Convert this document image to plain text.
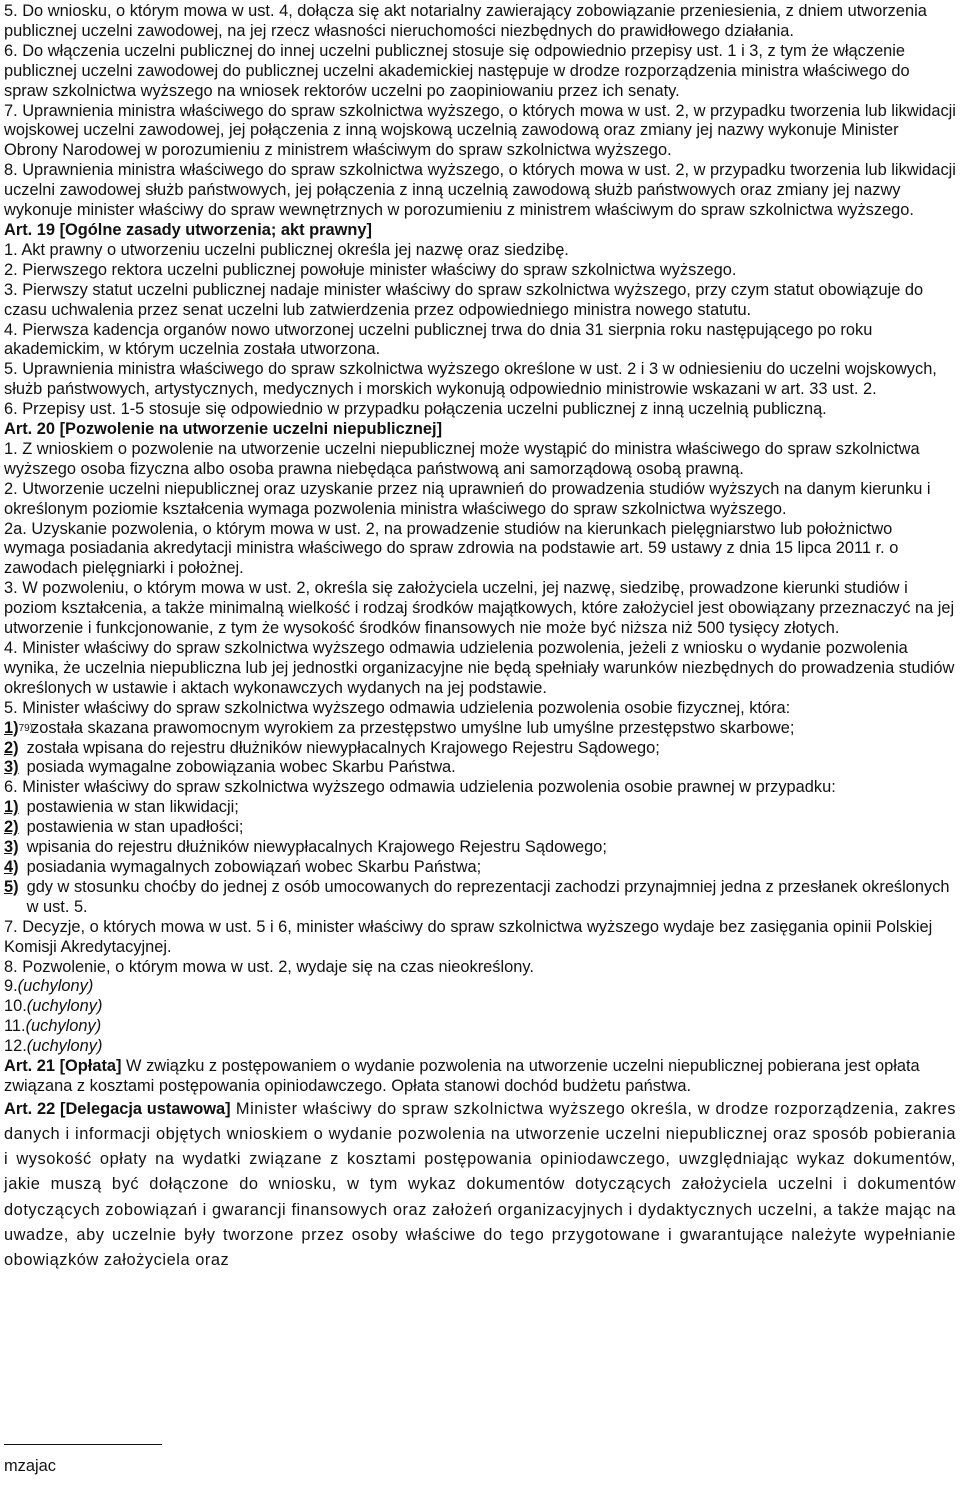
5. Do wniosku, o którym mowa w ust. 4, dołącza się akt notarialny zawierający zobowiązanie przeniesienia, z dniem utworzenia publicznej uczelni zawodowej, na jej rzecz własności nieruchomości niezbędnych do prawidłowego działania.

6. Do włączenia uczelni publicznej do innej uczelni publicznej stosuje się odpowiednio przepisy ust. 1 i 3, z tym że włączenie publicznej uczelni zawodowej do publicznej uczelni akademickiej następuje w drodze rozporządzenia ministra właściwego do spraw szkolnictwa wyższego na wniosek rektorów uczelni po zaopiniowaniu przez ich senaty.

7. Uprawnienia ministra właściwego do spraw szkolnictwa wyższego, o których mowa w ust. 2, w przypadku tworzenia lub likwidacji wojskowej uczelni zawodowej, jej połączenia z inną wojskową uczelnią zawodową oraz zmiany jej nazwy wykonuje Minister Obrony Narodowej w porozumieniu z ministrem właściwym do spraw szkolnictwa wyższego.

8. Uprawnienia ministra właściwego do spraw szkolnictwa wyższego, o których mowa w ust. 2, w przypadku tworzenia lub likwidacji uczelni zawodowej służb państwowych, jej połączenia z inną uczelnią zawodową służb państwowych oraz zmiany jej nazwy wykonuje minister właściwy do spraw wewnętrznych w porozumieniu z ministrem właściwym do spraw szkolnictwa wyższego.

Art. 19 [Ogólne zasady utworzenia; akt prawny]

1. Akt prawny o utworzeniu uczelni publicznej określa jej nazwę oraz siedzibę.

2. Pierwszego rektora uczelni publicznej powołuje minister właściwy do spraw szkolnictwa wyższego.

3. Pierwszy statut uczelni publicznej nadaje minister właściwy do spraw szkolnictwa wyższego, przy czym statut obowiązuje do czasu uchwalenia przez senat uczelni lub zatwierdzenia przez odpowiedniego ministra nowego statutu.

4. Pierwsza kadencja organów nowo utworzonej uczelni publicznej trwa do dnia 31 sierpnia roku następującego po roku akademickim, w którym uczelnia została utworzona.

5. Uprawnienia ministra właściwego do spraw szkolnictwa wyższego określone w ust. 2 i 3 w odniesieniu do uczelni wojskowych, służb państwowych, artystycznych, medycznych i morskich wykonują odpowiednio ministrowie wskazani w art. 33 ust. 2.

6. Przepisy ust. 1-5 stosuje się odpowiednio w przypadku połączenia uczelni publicznej z inną uczelnią publiczną.

Art. 20 [Pozwolenie na utworzenie uczelni niepublicznej]

1. Z wnioskiem o pozwolenie na utworzenie uczelni niepublicznej może wystąpić do ministra właściwego do spraw szkolnictwa wyższego osoba fizyczna albo osoba prawna niebędąca państwową ani samorządową osobą prawną.

2. Utworzenie uczelni niepublicznej oraz uzyskanie przez nią uprawnień do prowadzenia studiów wyższych na danym kierunku i określonym poziomie kształcenia wymaga pozwolenia ministra właściwego do spraw szkolnictwa wyższego.

2a. Uzyskanie pozwolenia, o którym mowa w ust. 2, na prowadzenie studiów na kierunkach pielęgniarstwo lub położnictwo wymaga posiadania akredytacji ministra właściwego do spraw zdrowia na podstawie art. 59 ustawy z dnia 15 lipca 2011 r. o zawodach pielęgniarki i położnej.

3. W pozwoleniu, o którym mowa w ust. 2, określa się założyciela uczelni, jej nazwę, siedzibę, prowadzone kierunki studiów i poziom kształcenia, a także minimalną wielkość i rodzaj środków majątkowych, które założyciel jest obowiązany przeznaczyć na jej utworzenie i funkcjonowanie, z tym że wysokość środków finansowych nie może być niższa niż 500 tysięcy złotych.

4. Minister właściwy do spraw szkolnictwa wyższego odmawia udzielenia pozwolenia, jeżeli z wniosku o wydanie pozwolenia wynika, że uczelnia niepubliczna lub jej jednostki organizacyjne nie będą spełniały warunków niezbędnych do prowadzenia studiów określonych w ustawie i aktach wykonawczych wydanych na jej podstawie.

5. Minister właściwy do spraw szkolnictwa wyższego odmawia udzielenia pozwolenia osobie fizycznej, która:

1) 79)
została skazana prawomocnym wyrokiem za przestępstwo umyślne lub umyślne przestępstwo skarbowe;
2) została wpisana do rejestru dłużników niewypłacalnych Krajowego Rejestru Sądowego;
3) posiada wymagalne zobowiązania wobec Skarbu Państwa.

6. Minister właściwy do spraw szkolnictwa wyższego odmawia udzielenia pozwolenia osobie prawnej w przypadku:

1) postawienia w stan likwidacji;
2) postawienia w stan upadłości;
3) wpisania do rejestru dłużników niewypłacalnych Krajowego Rejestru Sądowego;
4) posiadania wymagalnych zobowiązań wobec Skarbu Państwa;
5) gdy w stosunku choćby do jednej z osób umocowanych do reprezentacji zachodzi przynajmniej jedna z przesłanek określonych w ust. 5.

7. Decyzje, o których mowa w ust. 5 i 6, minister właściwy do spraw szkolnictwa wyższego wydaje bez zasięgania opinii Polskiej Komisji Akredytacyjnej.

8. Pozwolenie, o którym mowa w ust. 2, wydaje się na czas nieokreślony.

9.(uchylony)
10.(uchylony)
11.(uchylony)
12.(uchylony)

Art. 21 [Opłata] W związku z postępowaniem o wydanie pozwolenia na utworzenie uczelni niepublicznej pobierana jest opłata związana z kosztami postępowania opiniodawczego. Opłata stanowi dochód budżetu państwa.

Art. 22 [Delegacja ustawowa] Minister właściwy do spraw szkolnictwa wyższego określa, w drodze rozporządzenia, zakres danych i informacji objętych wnioskiem o wydanie pozwolenia na utworzenie uczelni niepublicznej oraz sposób pobierania i wysokość opłaty na wydatki związane z kosztami postępowania opiniodawczego, uwzględniając wykaz dokumentów, jakie muszą być dołączone do wniosku, w tym wykaz dokumentów dotyczących założyciela uczelni i dokumentów dotyczących zobowiązań i gwarancji finansowych oraz założeń organizacyjnych i dydaktycznych uczelni, a także mając na uwadze, aby uczelnie były tworzone przez osoby właściwe do tego przygotowane i gwarantujące należyte wypełnianie obowiązków założyciela oraz

mzajac
